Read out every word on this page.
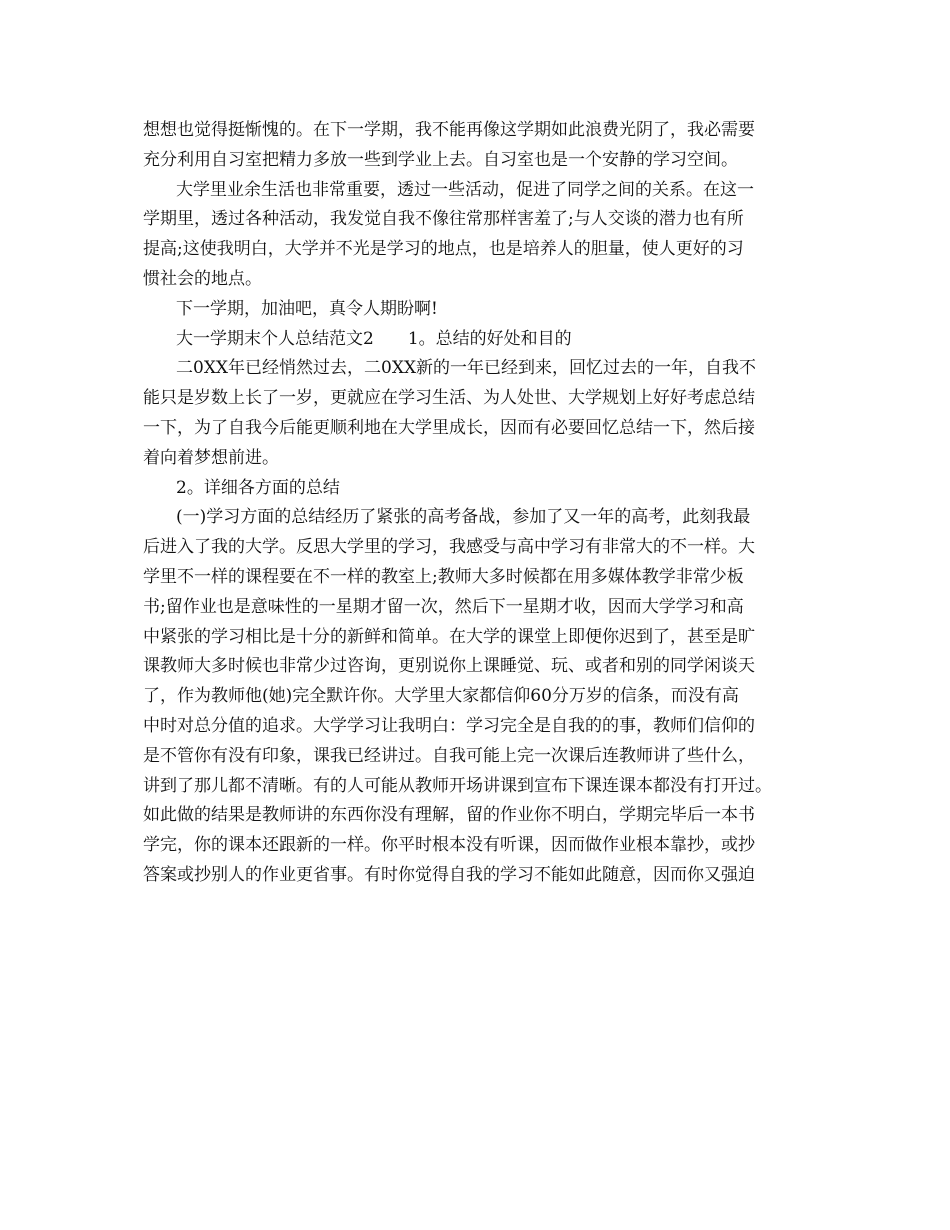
想想也觉得挺惭愧的。在下一学期，我不能再像这学期如此浪费光阴了，我必需要
充分利用自习室把精力多放一些到学业上去。自习室也是一个安静的学习空间。
大学里业余生活也非常重要，透过一些活动，促进了同学之间的关系。在这一
学期里，透过各种活动，我发觉自我不像往常那样害羞了;与人交谈的潜力也有所
提高;这使我明白，大学并不光是学习的地点，也是培养人的胆量，使人更好的习
惯社会的地点。
下一学期，加油吧，真令人期盼啊!
大一学期末个人总结范文2　　1。总结的好处和目的
二0XX年已经悄然过去，二0XX新的一年已经到来，回忆过去的一年，自我不
能只是岁数上长了一岁，更就应在学习生活、为人处世、大学规划上好好考虑总结
一下，为了自我今后能更顺利地在大学里成长，因而有必要回忆总结一下，然后接
着向着梦想前进。
2。详细各方面的总结
(一)学习方面的总结经历了紧张的高考备战，参加了又一年的高考，此刻我最
后进入了我的大学。反思大学里的学习，我感受与高中学习有非常大的不一样。大
学里不一样的课程要在不一样的教室上;教师大多时候都在用多媒体教学非常少板
书;留作业也是意味性的一星期才留一次，然后下一星期才收，因而大学学习和高
中紧张的学习相比是十分的新鲜和简单。在大学的课堂上即便你迟到了，甚至是旷
课教师大多时候也非常少过咨询，更别说你上课睡觉、玩、或者和别的同学闲谈天
了，作为教师他(她)完全默许你。大学里大家都信仰60分万岁的信条，而没有高
中时对总分值的追求。大学学习让我明白：学习完全是自我的的事，教师们信仰的
是不管你有没有印象，课我已经讲过。自我可能上完一次课后连教师讲了些什么，
讲到了那儿都不清晰。有的人可能从教师开场讲课到宣布下课连课本都没有打开过。
如此做的结果是教师讲的东西你没有理解，留的作业你不明白，学期完毕后一本书
学完，你的课本还跟新的一样。你平时根本没有听课，因而做作业根本靠抄，或抄
答案或抄别人的作业更省事。有时你觉得自我的学习不能如此随意，因而你又强迫
